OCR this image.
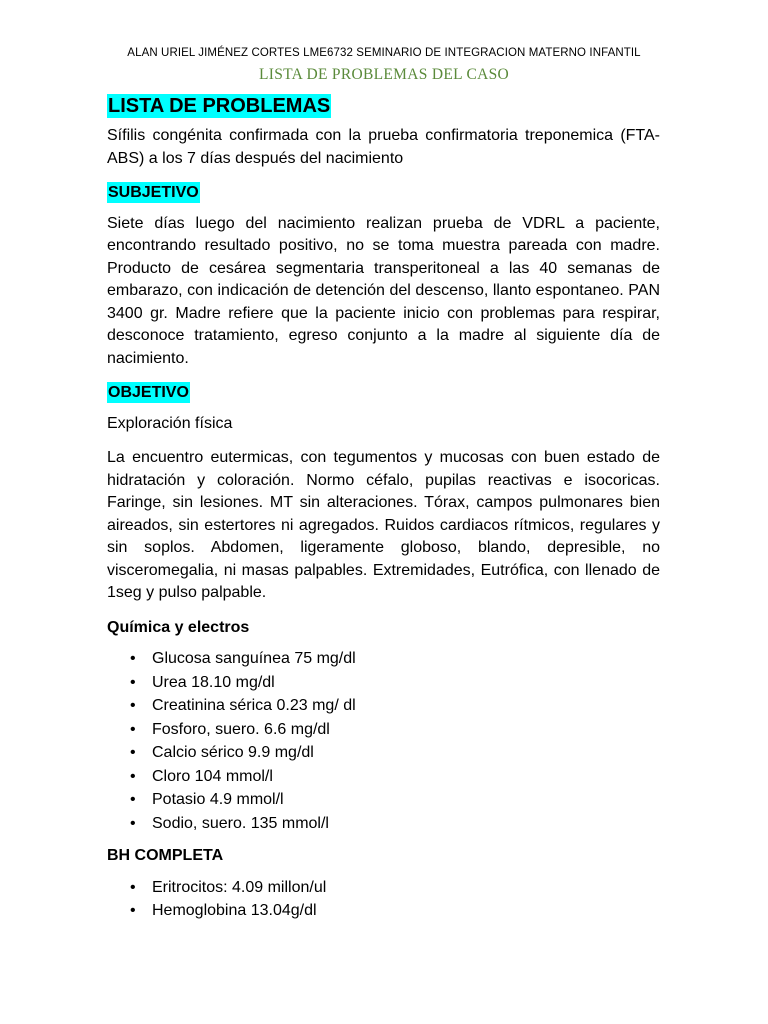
ALAN URIEL JIMÉNEZ CORTES LME6732 SEMINARIO DE INTEGRACION MATERNO INFANTIL
LISTA DE PROBLEMAS DEL CASO
LISTA DE PROBLEMAS

Sífilis congénita confirmada con la prueba confirmatoria treponemica (FTA-ABS) a los 7 días después del nacimiento

SUBJETIVO

Siete días luego del nacimiento realizan prueba de VDRL a paciente, encontrando resultado positivo, no se toma muestra pareada con madre. Producto de cesárea segmentaria transperitoneal a las 40 semanas de embarazo, con indicación de detención del descenso, llanto espontaneo. PAN 3400 gr. Madre refiere que la paciente inicio con problemas para respirar, desconoce tratamiento, egreso conjunto a la madre al siguiente día de nacimiento.

OBJETIVO

Exploración física

La encuentro eutermicas, con tegumentos y mucosas con buen estado de hidratación y coloración. Normo céfalo, pupilas reactivas e isocoricas. Faringe, sin lesiones. MT sin alteraciones. Tórax, campos pulmonares bien aireados, sin estertores ni agregados. Ruidos cardiacos rítmicos, regulares y sin soplos. Abdomen, ligeramente globoso, blando, depresible, no visceromegalia, ni masas palpables. Extremidades, Eutrófica, con llenado de 1seg y pulso palpable.

Química y electros

• Glucosa sanguínea 75 mg/dl
• Urea 18.10 mg/dl
• Creatinina sérica 0.23 mg/ dl
• Fosforo, suero. 6.6 mg/dl
• Calcio sérico 9.9 mg/dl
• Cloro 104 mmol/l
• Potasio 4.9 mmol/l
• Sodio, suero. 135 mmol/l

BH COMPLETA

• Eritrocitos: 4.09 millon/ul
• Hemoglobina 13.04g/dl
